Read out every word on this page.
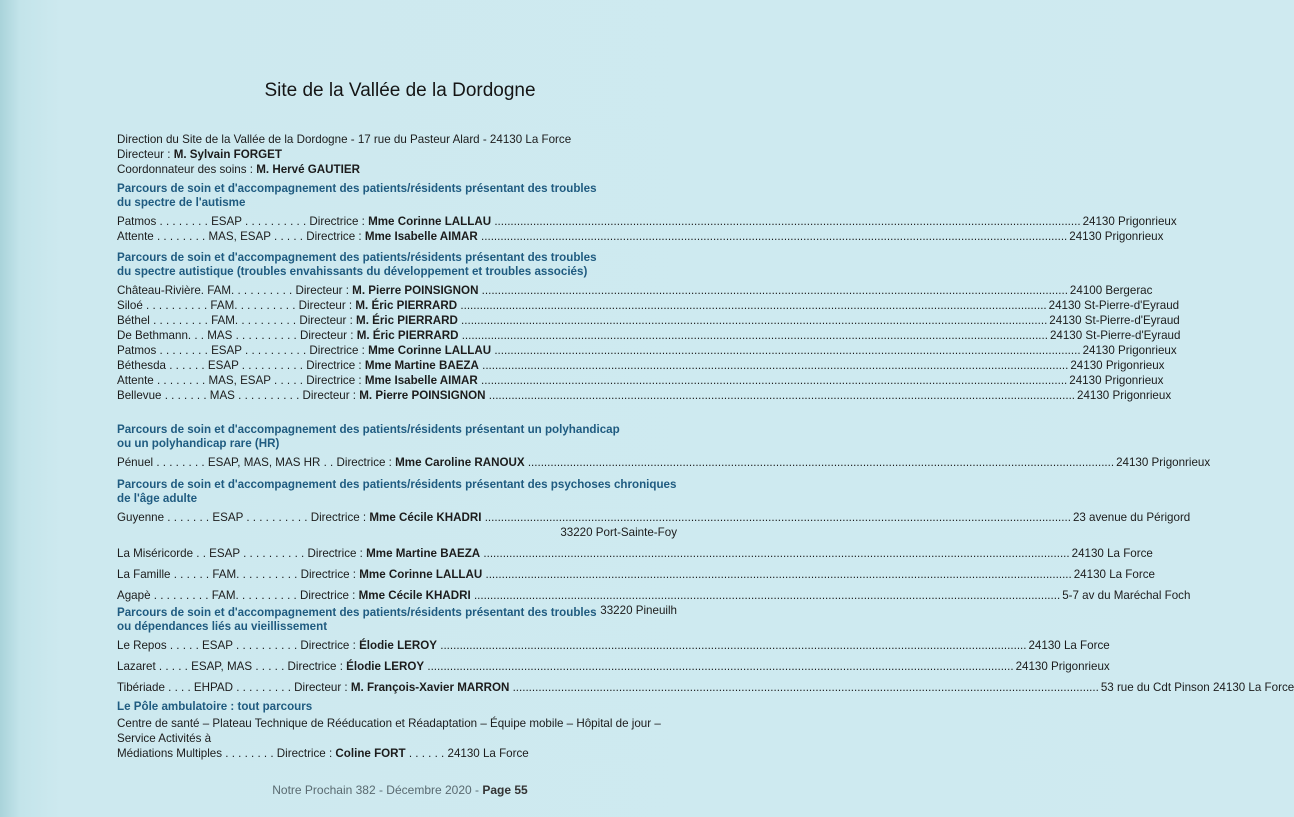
Site de la Vallée de la Dordogne
Direction du Site de la Vallée de la Dordogne - 17 rue du Pasteur Alard - 24130 La Force
Directeur : M. Sylvain FORGET
Coordonnateur des soins : M. Hervé GAUTIER
Parcours de soin et d'accompagnement des patients/résidents présentant des troubles
du spectre de l'autisme
Patmos . . . . . . . . ESAP . . . . . . . . . . Directrice : Mme Corinne LALLAU .....	24130 Prigonrieux
Attente . . . . . . . . MAS, ESAP . . . . . Directrice : Mme Isabelle AIMAR .....	24130 Prigonrieux
Parcours de soin et d'accompagnement des patients/résidents présentant des troubles
du spectre autistique (troubles envahissants du développement et troubles associés)
Château-Rivière. FAM. . . . . . . . . . Directeur : M. Pierre POINSIGNON .....	24100 Bergerac
Siloé . . . . . . . . . . FAM. . . . . . . . . . Directeur : M. Éric PIERRARD .....	24130 St-Pierre-d'Eyraud
Béthel . . . . . . . . . FAM. . . . . . . . . . Directeur : M. Éric PIERRARD .....	24130 St-Pierre-d'Eyraud
De Bethmann. . . MAS . . . . . . . . . . Directeur : M. Éric PIERRARD .....	24130 St-Pierre-d'Eyraud
Patmos . . . . . . . . ESAP . . . . . . . . . . Directrice : Mme Corinne LALLAU .....	24130 Prigonrieux
Béthesda . . . . . . ESAP . . . . . . . . . . Directrice : Mme Martine BAEZA .....	24130 Prigonrieux
Attente . . . . . . . . MAS, ESAP . . . . . Directrice : Mme Isabelle AIMAR .....	24130 Prigonrieux
Bellevue . . . . . . . MAS . . . . . . . . . . Directeur : M. Pierre POINSIGNON .....	24130 Prigonrieux
Parcours de soin et d'accompagnement des patients/résidents présentant un polyhandicap
ou un polyhandicap rare (HR)
Pénuel . . . . . . . . ESAP, MAS, MAS HR . . Directrice : Mme Caroline RANOUX .....	24130 Prigonrieux
Parcours de soin et d'accompagnement des patients/résidents présentant des psychoses chroniques de l'âge adulte
Guyenne . . . . . . . ESAP . . . . . . . . . . Directrice : Mme Cécile KHADRI .....	23 avenue du Périgord
33220 Port-Sainte-Foy
La Miséricorde . . ESAP . . . . . . . . . . Directrice : Mme Martine BAEZA .....	24130 La Force
La Famille . . . . . . FAM. . . . . . . . . . Directrice : Mme Corinne LALLAU .....	24130 La Force
Agapè . . . . . . . . . FAM. . . . . . . . . . Directrice : Mme Cécile KHADRI .....	5-7 av du Maréchal Foch
33220 Pineuilh
Parcours de soin et d'accompagnement des patients/résidents présentant des troubles
ou dépendances liés au vieillissement
Le Repos . . . . . ESAP . . . . . . . . . . Directrice : Élodie LEROY .....	24130 La Force
Lazaret . . . . . ESAP, MAS . . . . . Directrice : Élodie LEROY .....	24130 Prigonrieux
Tibériade . . . . EHPAD . . . . . . . . . Directeur : M. François-Xavier MARRON .....	53 rue du Cdt Pinson 24130 La Force
Le Pôle ambulatoire : tout parcours
Centre de santé – Plateau Technique de Rééducation et Réadaptation – Équipe mobile – Hôpital de jour – Service Activités à
Médiations Multiples . . . . . . . . Directrice : Coline FORT . . . . . . 24130 La Force
Notre Prochain 382 - Décembre 2020 - Page 55
